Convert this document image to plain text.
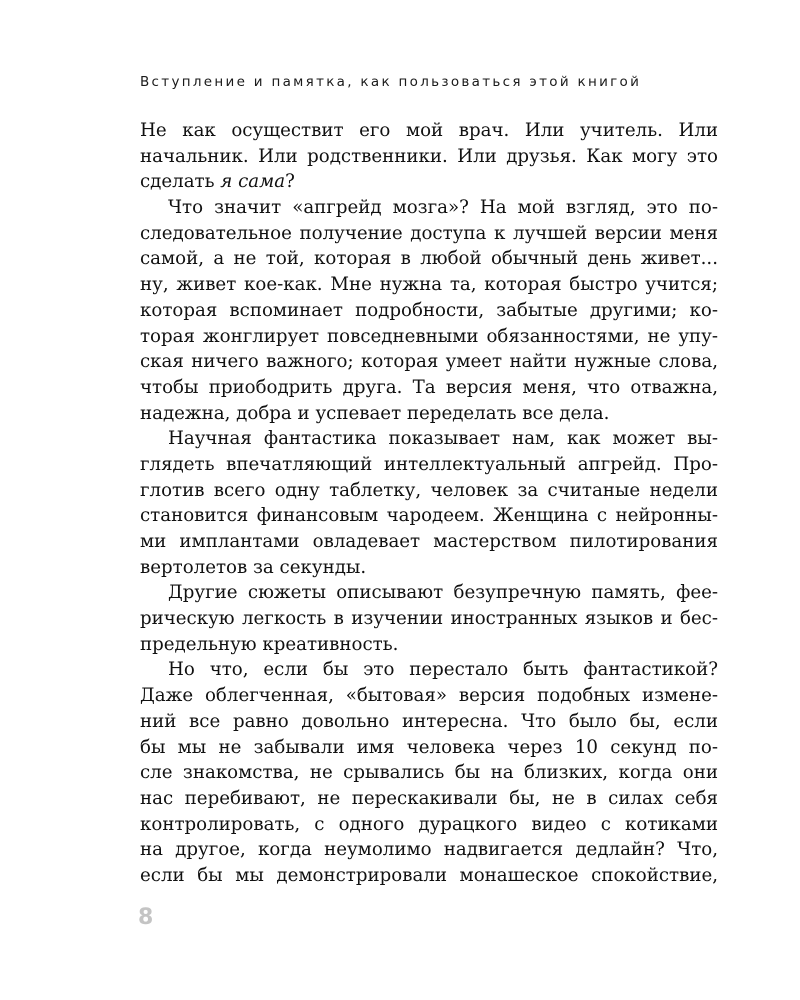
Вступление и памятка, как пользоваться этой книгой
Не как осуществит его мой врач. Или учитель. Или
начальник. Или родственники. Или друзья. Как могу это
сделать я сама?
Что значит «апгрейд мозга»? На мой взгляд, это по-
следовательное получение доступа к лучшей версии меня
самой, а не той, которая в любой обычный день живет...
ну, живет кое-как. Мне нужна та, которая быстро учится;
которая вспоминает подробности, забытые другими; ко-
торая жонглирует повседневными обязанностями, не упу-
ская ничего важного; которая умеет найти нужные слова,
чтобы приободрить друга. Та версия меня, что отважна,
надежна, добра и успевает переделать все дела.
Научная фантастика показывает нам, как может вы-
глядеть впечатляющий интеллектуальный апгрейд. Про-
глотив всего одну таблетку, человек за считаные недели
становится финансовым чародеем. Женщина с нейронны-
ми имплантами овладевает мастерством пилотирования
вертолетов за секунды.
Другие сюжеты описывают безупречную память, фее-
рическую легкость в изучении иностранных языков и бес-
предельную креативность.
Но что, если бы это перестало быть фантастикой?
Даже облегченная, «бытовая» версия подобных измене-
ний все равно довольно интересна. Что было бы, если
бы мы не забывали имя человека через 10 секунд по-
сле знакомства, не срывались бы на близких, когда они
нас перебивают, не перескакивали бы, не в силах себя
контролировать, с одного дурацкого видео с котиками
на другое, когда неумолимо надвигается дедлайн? Что,
если бы мы демонстрировали монашеское спокойствие,
8
